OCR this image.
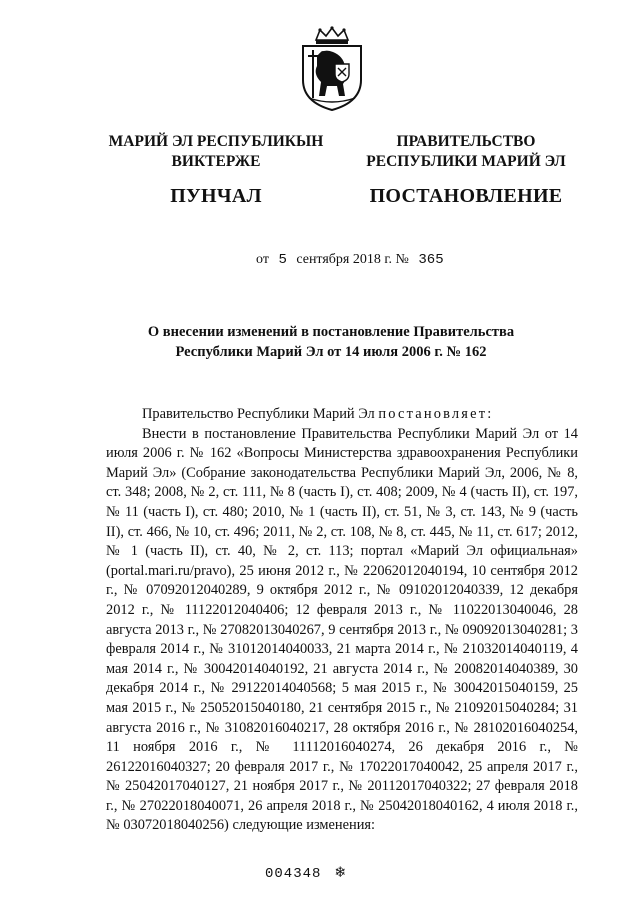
МАРИЙ ЭЛ РЕСПУБЛИКЫН
ВИКТЕРЖЕ
ПУНЧАЛ
ПРАВИТЕЛЬСТВО
РЕСПУБЛИКИ МАРИЙ ЭЛ
ПОСТАНОВЛЕНИЕ
от 5 сентября 2018 г. № 365
О внесении изменений в постановление Правительства
Республики Марий Эл от 14 июля 2006 г. № 162

Правительство Республики Марий Эл постановляет:

Внести в постановление Правительства Республики Марий Эл от 14 июля 2006 г. № 162 «Вопросы Министерства здравоохранения Республики Марий Эл» (Собрание законодательства Республики Марий Эл, 2006, № 8, ст. 348; 2008, № 2, ст. 111, № 8 (часть I), ст. 408; 2009, № 4 (часть II), ст. 197, № 11 (часть I), ст. 480; 2010, № 1 (часть II), ст. 51, № 3, ст. 143, № 9 (часть II), ст. 466, № 10, ст. 496; 2011, № 2, ст. 108, № 8, ст. 445, № 11, ст. 617; 2012, № 1 (часть II), ст. 40, № 2, ст. 113; портал «Марий Эл официальная» (portal.mari.ru/pravo), 25 июня 2012 г., № 22062012040194, 10 сентября 2012 г., № 07092012040289, 9 октября 2012 г., № 09102012040339, 12 декабря 2012 г., № 11122012040406; 12 февраля 2013 г., № 11022013040046, 28 августа 2013 г., № 27082013040267, 9 сентября 2013 г., № 09092013040281; 3 февраля 2014 г., № 31012014040033, 21 марта 2014 г., № 21032014040119, 4 мая 2014 г., № 30042014040192, 21 августа 2014 г., № 20082014040389, 30 декабря 2014 г., № 29122014040568; 5 мая 2015 г., № 30042015040159, 25 мая 2015 г., № 25052015040180, 21 сентября 2015 г., № 21092015040284; 31 августа 2016 г., № 31082016040217, 28 октября 2016 г., № 28102016040254, 11 ноября 2016 г., № 11112016040274, 26 декабря 2016 г., № 26122016040327; 20 февраля 2017 г., № 17022017040042, 25 апреля 2017 г., № 25042017040127, 21 ноября 2017 г., № 20112017040322; 27 февраля 2018 г., № 27022018040071, 26 апреля 2018 г., № 25042018040162, 4 июля 2018 г., № 03072018040256) следующие изменения:

004348 ❄
